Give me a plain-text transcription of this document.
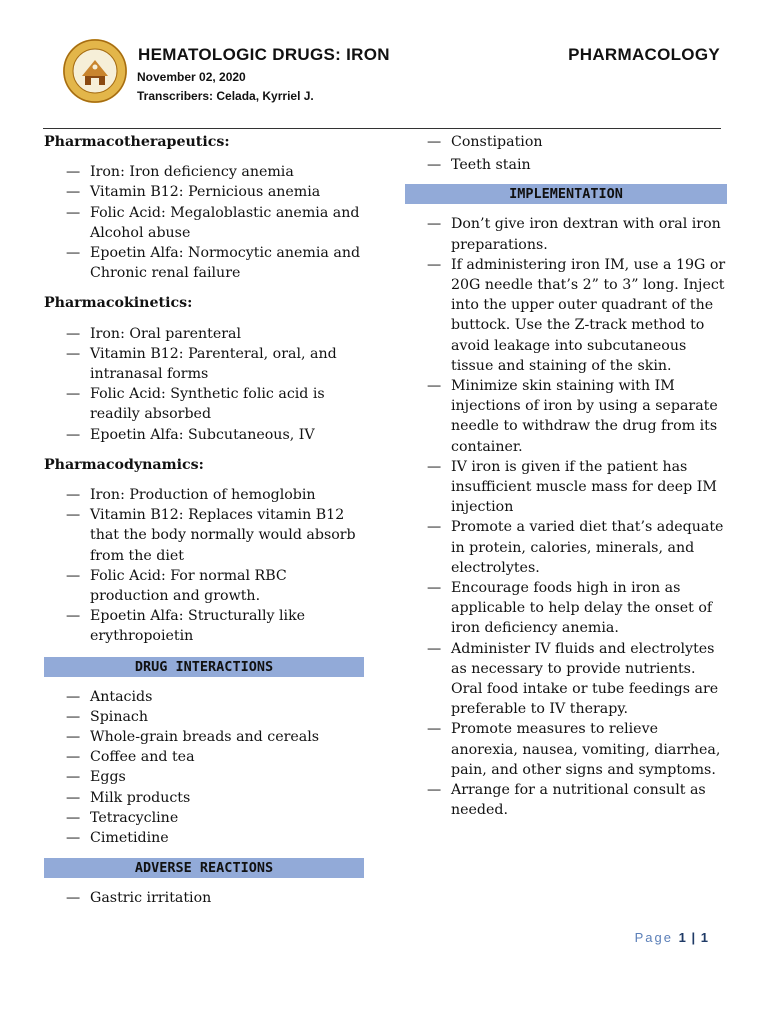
HEMATOLOGIC DRUGS: IRON	PHARMACOLOGY
November 02, 2020
Transcribers: Celada, Kyrriel J.

Pharmacotherapeutics:

— Iron: Iron deficiency anemia
— Vitamin B12: Pernicious anemia
— Folic Acid: Megaloblastic anemia and Alcohol abuse
— Epoetin Alfa: Normocytic anemia and Chronic renal failure

Pharmacokinetics:

— Iron: Oral parenteral
— Vitamin B12: Parenteral, oral, and intranasal forms
— Folic Acid: Synthetic folic acid is readily absorbed
— Epoetin Alfa: Subcutaneous, IV

Pharmacodynamics:

— Iron: Production of hemoglobin
— Vitamin B12: Replaces vitamin B12 that the body normally would absorb from the diet
— Folic Acid: For normal RBC production and growth.
— Epoetin Alfa: Structurally like erythropoietin
DRUG INTERACTIONS
— Antacids
— Spinach
— Whole-grain breads and cereals
— Coffee and tea
— Eggs
— Milk products
— Tetracycline
— Cimetidine
ADVERSE REACTIONS
— Gastric irritation
— Constipation
— Teeth stain
IMPLEMENTATION
— Don’t give iron dextran with oral iron preparations.
— If administering iron IM, use a 19G or 20G needle that’s 2” to 3” long. Inject into the upper outer quadrant of the buttock. Use the Z-track method to avoid leakage into subcutaneous tissue and staining of the skin.
— Minimize skin staining with IM injections of iron by using a separate needle to withdraw the drug from its container.
— IV iron is given if the patient has insufficient muscle mass for deep IM injection
— Promote a varied diet that’s adequate in protein, calories, minerals, and electrolytes.
— Encourage foods high in iron as applicable to help delay the onset of iron deficiency anemia.
— Administer IV fluids and electrolytes as necessary to provide nutrients. Oral food intake or tube feedings are preferable to IV therapy.
— Promote measures to relieve anorexia, nausea, vomiting, diarrhea, pain, and other signs and symptoms.
— Arrange for a nutritional consult as needed.
Page 1 | 1
